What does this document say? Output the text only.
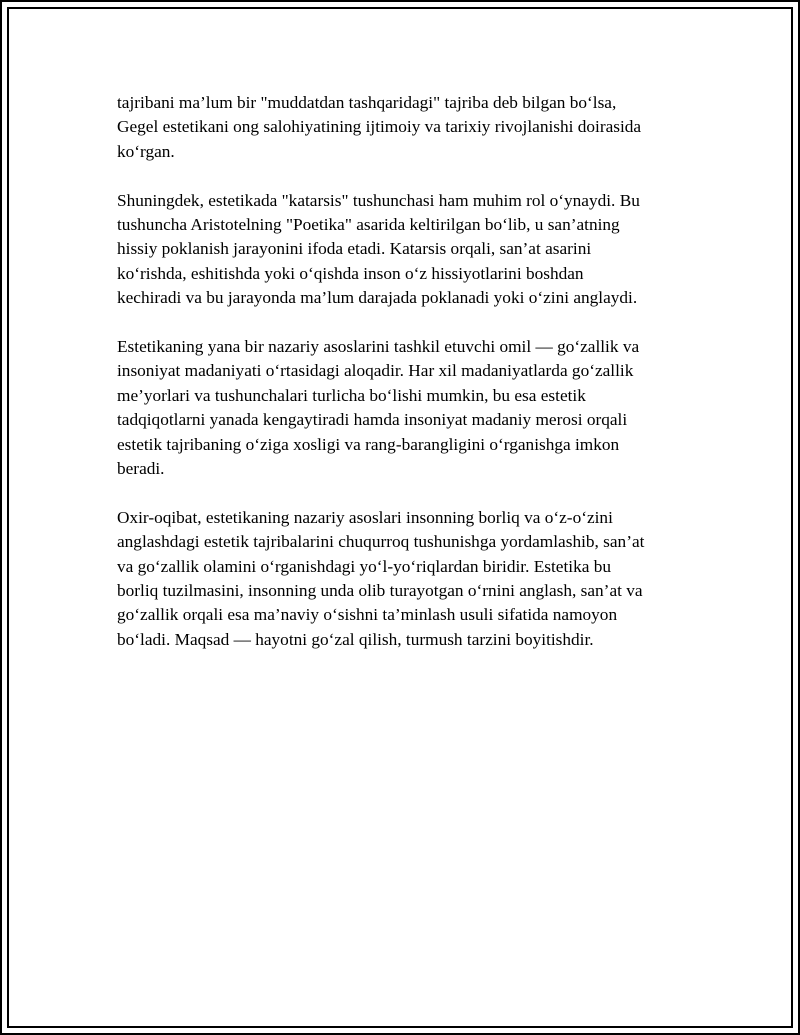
tajribani ma’lum bir "muddatdan tashqaridagi" tajriba deb bilgan bo‘lsa,
Gegel estetikani ong salohiyatining ijtimoiy va tarixiy rivojlanishi doirasida
ko‘rgan.

Shuningdek, estetikada "katarsis" tushunchasi ham muhim rol o‘ynaydi. Bu
tushuncha Aristotelning "Poetika" asarida keltirilgan bo‘lib, u san’atning
hissiy poklanish jarayonini ifoda etadi. Katarsis orqali, san’at asarini
ko‘rishda, eshitishda yoki o‘qishda inson o‘z hissiyotlarini boshdan
kechiradi va bu jarayonda ma’lum darajada poklanadi yoki o‘zini anglaydi.

Estetikaning yana bir nazariy asoslarini tashkil etuvchi omil — go‘zallik va
insoniyat madaniyati o‘rtasidagi aloqadir. Har xil madaniyatlarda go‘zallik
me’yorlari va tushunchalari turlicha bo‘lishi mumkin, bu esa estetik
tadqiqotlarni yanada kengaytiradi hamda insoniyat madaniy merosi orqali
estetik tajribaning o‘ziga xosligi va rang-barangligini o‘rganishga imkon
beradi.

Oxir-oqibat, estetikaning nazariy asoslari insonning borliq va o‘z-o‘zini
anglashdagi estetik tajribalarini chuqurroq tushunishga yordamlashib, san’at
va go‘zallik olamini o‘rganishdagi yo‘l-yo‘riqlardan biridir. Estetika bu
borliq tuzilmasini, insonning unda olib turayotgan o‘rnini anglash, san’at va
go‘zallik orqali esa ma’naviy o‘sishni ta’minlash usuli sifatida namoyon
bo‘ladi. Maqsad — hayotni go‘zal qilish, turmush tarzini boyitishdir.
